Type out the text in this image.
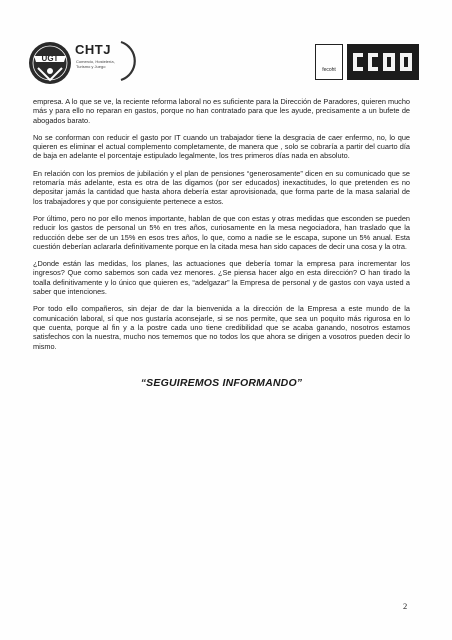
UGT
CHTJ
Comercio, Hostelería, Turismo y Juego
fecoht

empresa. A lo que se ve, la reciente reforma laboral no es suficiente para la Dirección de Paradores, quieren mucho más y para ello no reparan en gastos, porque no han contratado para que les ayude, precisamente a un bufete de abogados barato.

No se conforman con reducir el gasto por IT cuando un trabajador tiene la desgracia de caer enfermo, no, lo que quieren es eliminar el actual complemento completamente, de manera que , solo se cobraría a partir del cuarto día de baja en adelante el porcentaje estipulado legalmente, los tres primeros días nada en absoluto.

En relación con los premios de jubilación y el plan de pensiones “generosamente” dicen en su comunicado que se retomaría más adelante, esta es otra de las digamos (por ser educados) inexactitudes, lo que pretenden es no depositar jamás la cantidad que hasta ahora debería estar aprovisionada, que forma parte de la masa salarial de los trabajadores y que por consiguiente pertenece a estos.

Por último, pero no por ello menos importante, hablan de que con estas y otras medidas que esconden se pueden reducir los gastos de personal un 5% en tres años, curiosamente en la mesa negociadora, han traslado que la reducción debe ser de un 15% en esos tres años, lo que, como a nadie se le escapa, supone un 5% anual. Esta cuestión deberían aclararla definitivamente porque en la citada mesa han sido capaces de decir una cosa y la otra.

¿Donde están las medidas, los planes, las actuaciones que debería tomar la empresa para incrementar los ingresos? Que como sabemos son cada vez menores. ¿Se piensa hacer algo en esta dirección? O han tirado la toalla definitivamente y lo único que quieren es, “adelgazar” la Empresa de personal y de gastos con vaya usted a saber que intenciones.

Por todo ello compañeros, sin dejar de dar la bienvenida a la dirección de la Empresa a este mundo de la comunicación laboral, sí que nos gustaría aconsejarle, si se nos permite, que sea un poquito más rigurosa en lo que cuenta, porque al fin y a la postre cada uno tiene credibilidad que se acaba ganando, nosotros estamos satisfechos con la nuestra, mucho nos tememos que no todos los que ahora se dirigen a vosotros pueden decir lo mismo.

“SEGUIREMOS INFORMANDO”
2
